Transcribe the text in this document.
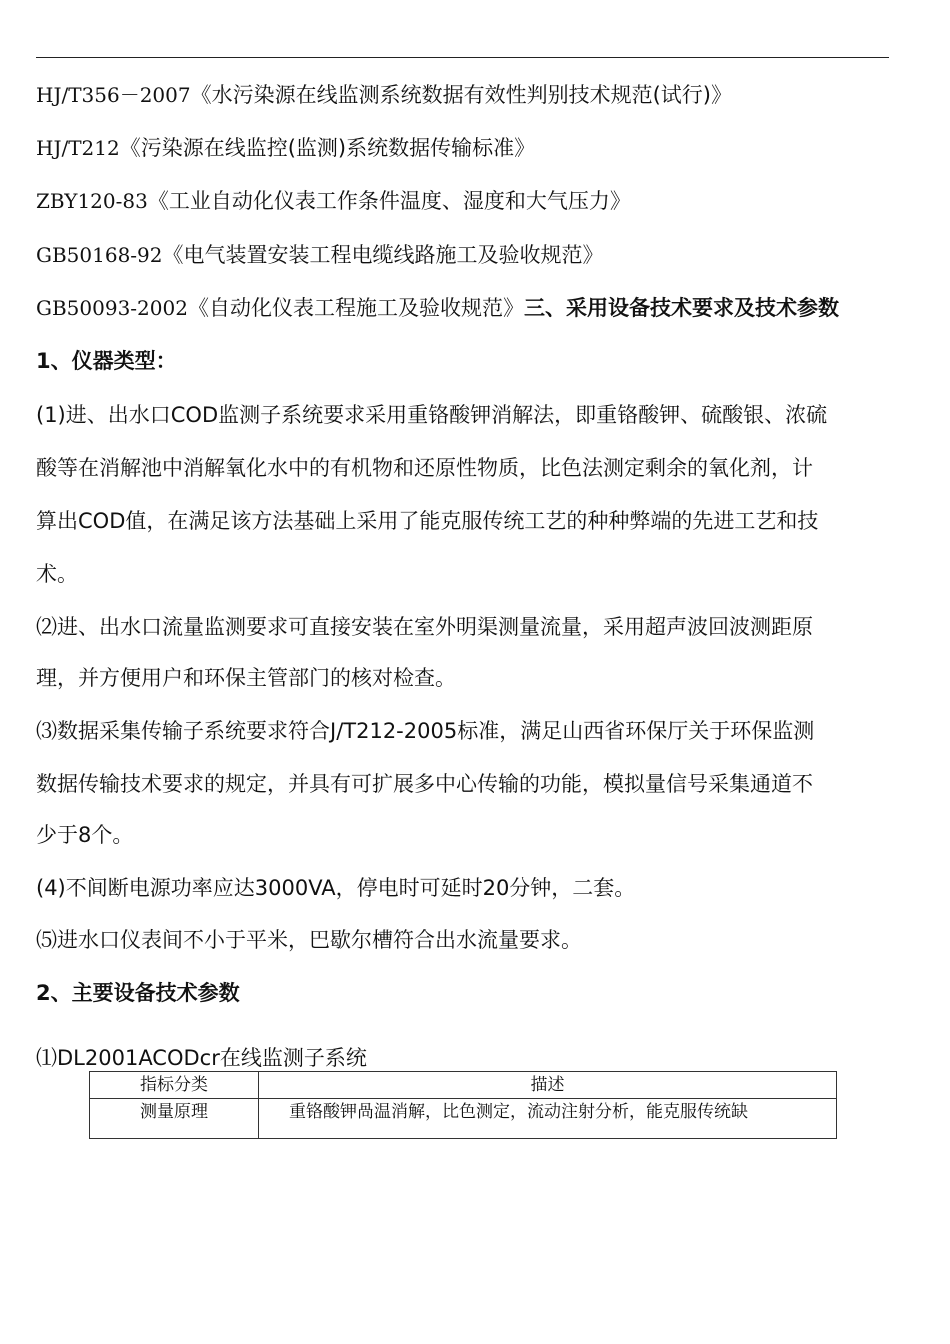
HJ/T356－2007《水污染源在线监测系统数据有效性判别技术规范(试行)》
HJ/T212《污染源在线监控(监测)系统数据传输标准》
ZBY120-83《工业自动化仪表工作条件温度、湿度和大气压力》
GB50168-92《电气装置安装工程电缆线路施工及验收规范》
GB50093-2002《自动化仪表工程施工及验收规范》三、采用设备技术要求及技术参数
1、仪器类型：
(1)进、出水口COD监测子系统要求采用重铬酸钾消解法，即重铬酸钾、硫酸银、浓硫
酸等在消解池中消解氧化水中的有机物和还原性物质，比色法测定剩余的氧化剂，计
算出COD值，在满足该方法基础上采用了能克服传统工艺的种种弊端的先进工艺和技
术。
⑵进、出水口流量监测要求可直接安装在室外明渠测量流量，采用超声波回波测距原
理，并方便用户和环保主管部门的核对检查。
⑶数据采集传输子系统要求符合J/T212-2005标准，满足山西省环保厅关于环保监测
数据传输技术要求的规定，并具有可扩展多中心传输的功能，模拟量信号采集通道不
少于8个。
(4)不间断电源功率应达3000VA，停电时可延时20分钟，二套。
⑸进水口仪表间不小于平米，巴歇尔槽符合出水流量要求。
2、主要设备技术参数
⑴DL2001ACODcr在线监测子系统
指标分类	描述
测量原理	重铬酸钾咼温消解，比色测定，流动注射分析，能克服传统缺
